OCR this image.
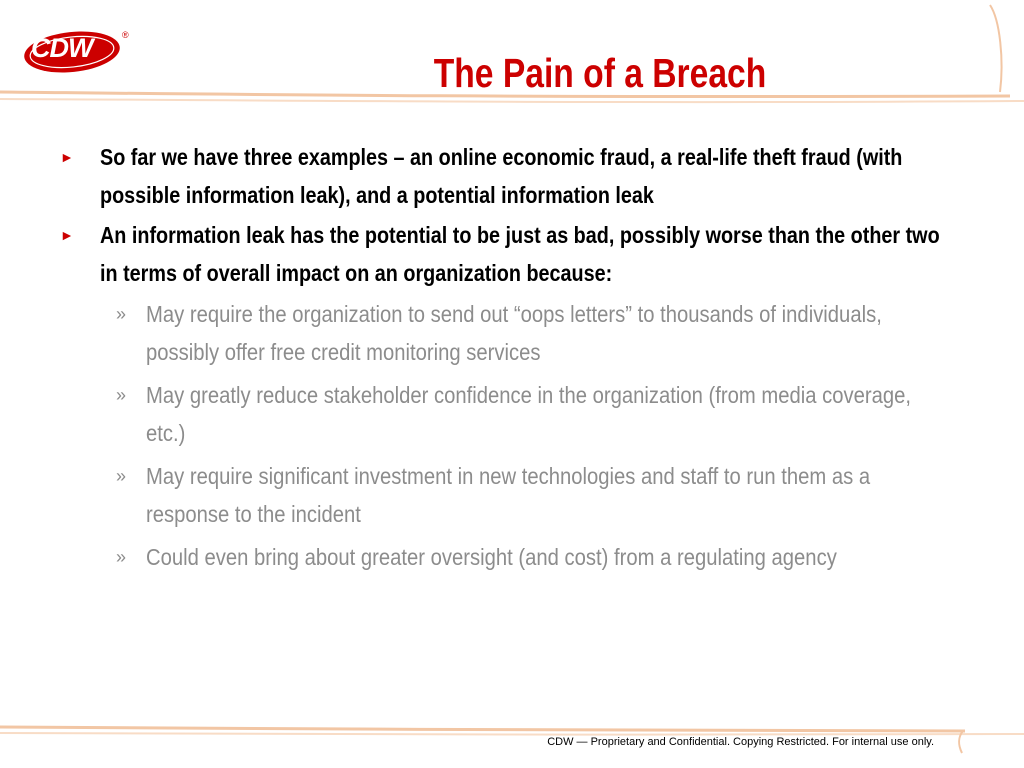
CDW	®
The Pain of a Breach
► So far we have three examples – an online economic fraud, a real-life theft fraud (with possible information leak), and a potential information leak
► An information leak has the potential to be just as bad, possibly worse than the other two in terms of overall impact on an organization because:
» May require the organization to send out “oops letters” to thousands of individuals, possibly offer free credit monitoring services
» May greatly reduce stakeholder confidence in the organization (from media coverage, etc.)
» May require significant investment in new technologies and staff to run them as a response to the incident
» Could even bring about greater oversight (and cost) from a regulating agency
CDW — Proprietary and Confidential. Copying Restricted. For internal use only.
